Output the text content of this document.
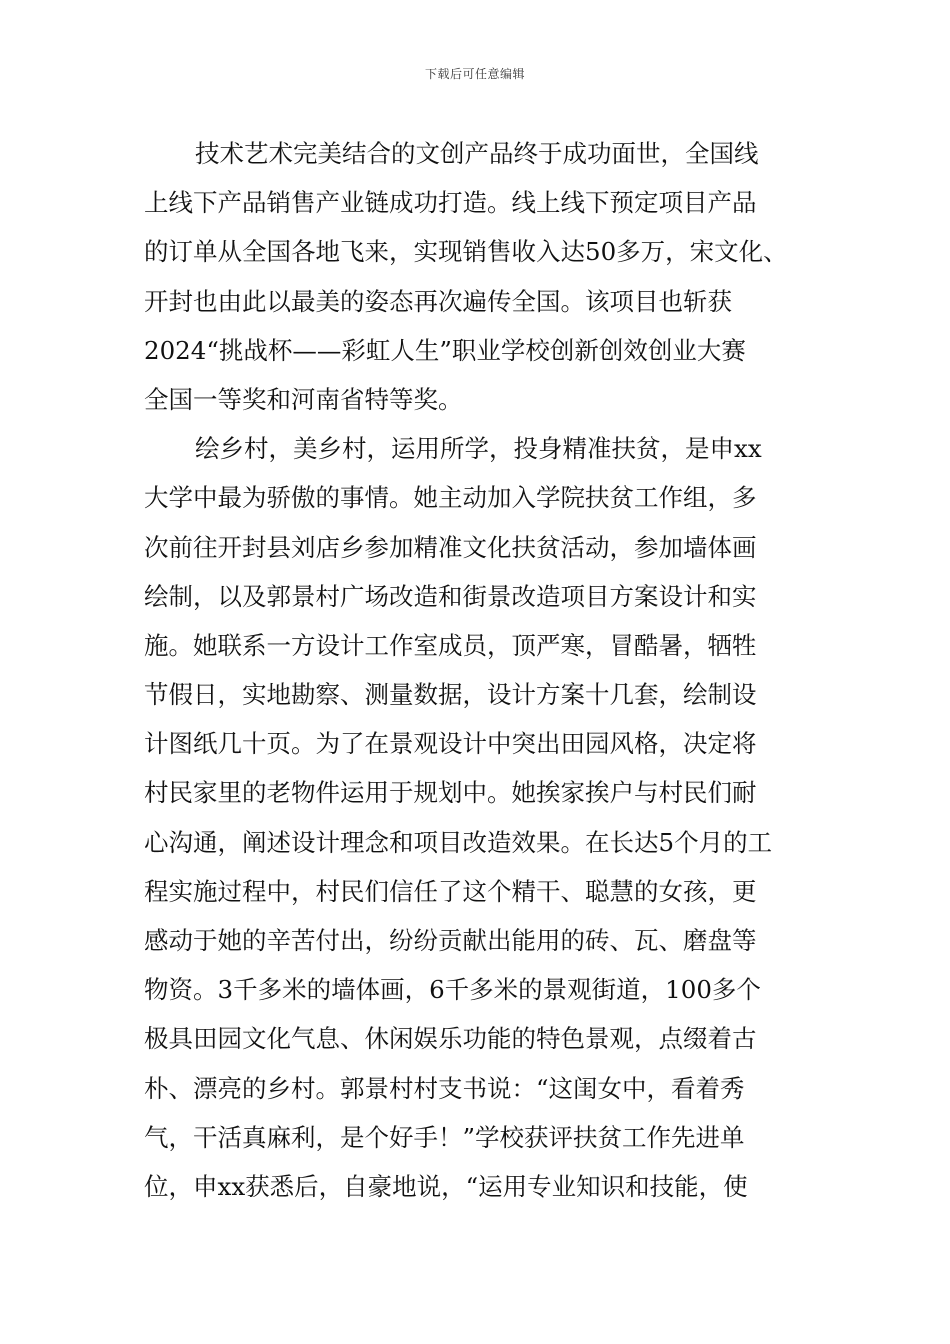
下载后可任意编辑
技术艺术完美结合的文创产品终于成功面世，全国线
上线下产品销售产业链成功打造。线上线下预定项目产品
的订单从全国各地飞来，实现销售收入达50多万，宋文化、
开封也由此以最美的姿态再次遍传全国。该项目也斩获
2024“挑战杯——彩虹人生”职业学校创新创效创业大赛
全国一等奖和河南省特等奖。
绘乡村，美乡村，运用所学，投身精准扶贫，是申xx
大学中最为骄傲的事情。她主动加入学院扶贫工作组，多
次前往开封县刘店乡参加精准文化扶贫活动，参加墙体画
绘制，以及郭景村广场改造和街景改造项目方案设计和实
施。她联系一方设计工作室成员，顶严寒，冒酷暑，牺牲
节假日，实地勘察、测量数据，设计方案十几套，绘制设
计图纸几十页。为了在景观设计中突出田园风格，决定将
村民家里的老物件运用于规划中。她挨家挨户与村民们耐
心沟通，阐述设计理念和项目改造效果。在长达5个月的工
程实施过程中，村民们信任了这个精干、聪慧的女孩，更
感动于她的辛苦付出，纷纷贡献出能用的砖、瓦、磨盘等
物资。3千多米的墙体画，6千多米的景观街道，100多个
极具田园文化气息、休闲娱乐功能的特色景观，点缀着古
朴、漂亮的乡村。郭景村村支书说：“这闺女中，看着秀
气，干活真麻利，是个好手！”学校获评扶贫工作先进单
位，申xx获悉后，自豪地说，“运用专业知识和技能，使
